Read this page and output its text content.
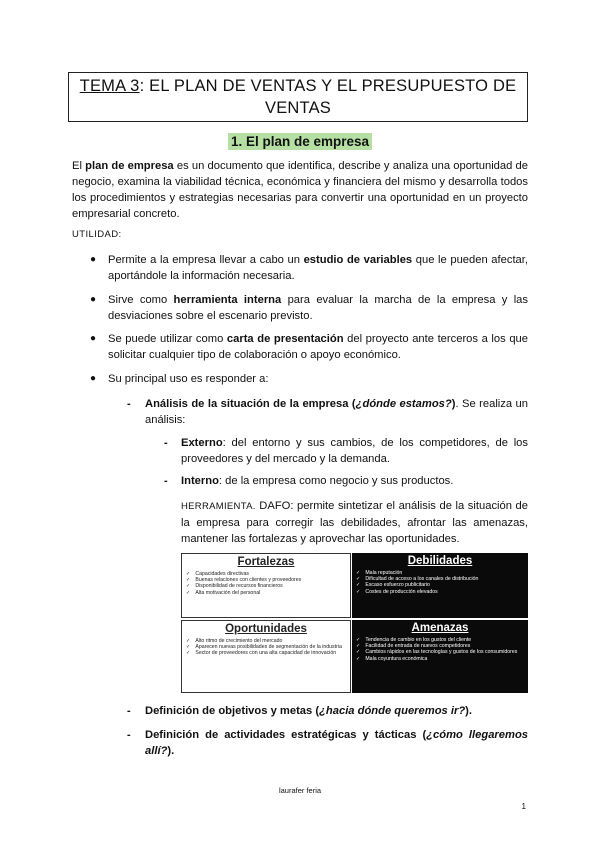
TEMA 3: EL PLAN DE VENTAS Y EL PRESUPUESTO DE VENTAS
1. El plan de empresa
El plan de empresa es un documento que identifica, describe y analiza una oportunidad de negocio, examina la viabilidad técnica, económica y financiera del mismo y desarrolla todos los procedimientos y estrategias necesarias para convertir una oportunidad en un proyecto empresarial concreto.
UTILIDAD:
● Permite a la empresa llevar a cabo un estudio de variables que le pueden afectar, aportándole la información necesaria.
● Sirve como herramienta interna para evaluar la marcha de la empresa y las desviaciones sobre el escenario previsto.
● Se puede utilizar como carta de presentación del proyecto ante terceros a los que solicitar cualquier tipo de colaboración o apoyo económico.
● Su principal uso es responder a:
- Análisis de la situación de la empresa (¿dónde estamos?). Se realiza un análisis:
- Externo: del entorno y sus cambios, de los competidores, de los proveedores y del mercado y la demanda.
- Interno: de la empresa como negocio y sus productos.
HERRAMIENTA. DAFO: permite sintetizar el análisis de la situación de la empresa para corregir las debilidades, afrontar las amenazas, mantener las fortalezas y aprovechar las oportunidades.
Fortalezas
✓ Capacidades directivas
✓ Buenas relaciones con clientes y proveedores
✓ Disponibilidad de recursos financieros
✓ Alta motivación del personal
Debilidades
✓ Mala reputación
✓ Dificultad de acceso a los canales de distribución
✓ Escaso esfuerzo publicitario
✓ Costes de producción elevados
Oportunidades
✓ Alto ritmo de crecimiento del mercado
✓ Aparecen nuevas posibilidades de segmentación de la industria
✓ Sector de proveedores con una alta capacidad de innovación
Amenazas
✓ Tendencia de cambio en los gustos del cliente
✓ Facilidad de entrada de nuevos competidores
✓ Cambios rápidos en las tecnologías y gustos de los consumidores
✓ Mala coyuntura económica
- Definición de objetivos y metas (¿hacia dónde queremos ir?).
- Definición de actividades estratégicas y tácticas (¿cómo llegaremos allí?).
laurafer feria
1
